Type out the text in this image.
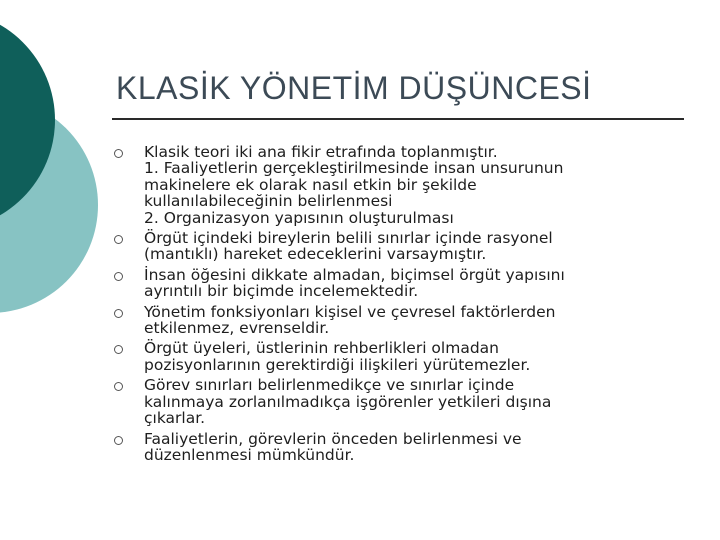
KLASİK YÖNETİM DÜŞÜNCESİ
Klasik teori iki ana fikir etrafında toplanmıştır.
1. Faaliyetlerin gerçekleştirilmesinde insan unsurunun
makinelere ek olarak nasıl etkin bir şekilde
kullanılabileceğinin belirlenmesi
2. Organizasyon yapısının oluşturulması
Örgüt içindeki bireylerin belili sınırlar içinde rasyonel
(mantıklı) hareket edeceklerini varsaymıştır.
İnsan öğesini dikkate almadan, biçimsel örgüt yapısını
ayrıntılı bir biçimde incelemektedir.
Yönetim fonksiyonları kişisel ve çevresel faktörlerden
etkilenmez, evrenseldir.
Örgüt üyeleri, üstlerinin rehberlikleri olmadan
pozisyonlarının gerektirdiği ilişkileri yürütemezler.
Görev sınırları belirlenmedikçe ve sınırlar içinde
kalınmaya zorlanılmadıkça işgörenler yetkileri dışına
çıkarlar.
Faaliyetlerin, görevlerin önceden belirlenmesi ve
düzenlenmesi mümkündür.
